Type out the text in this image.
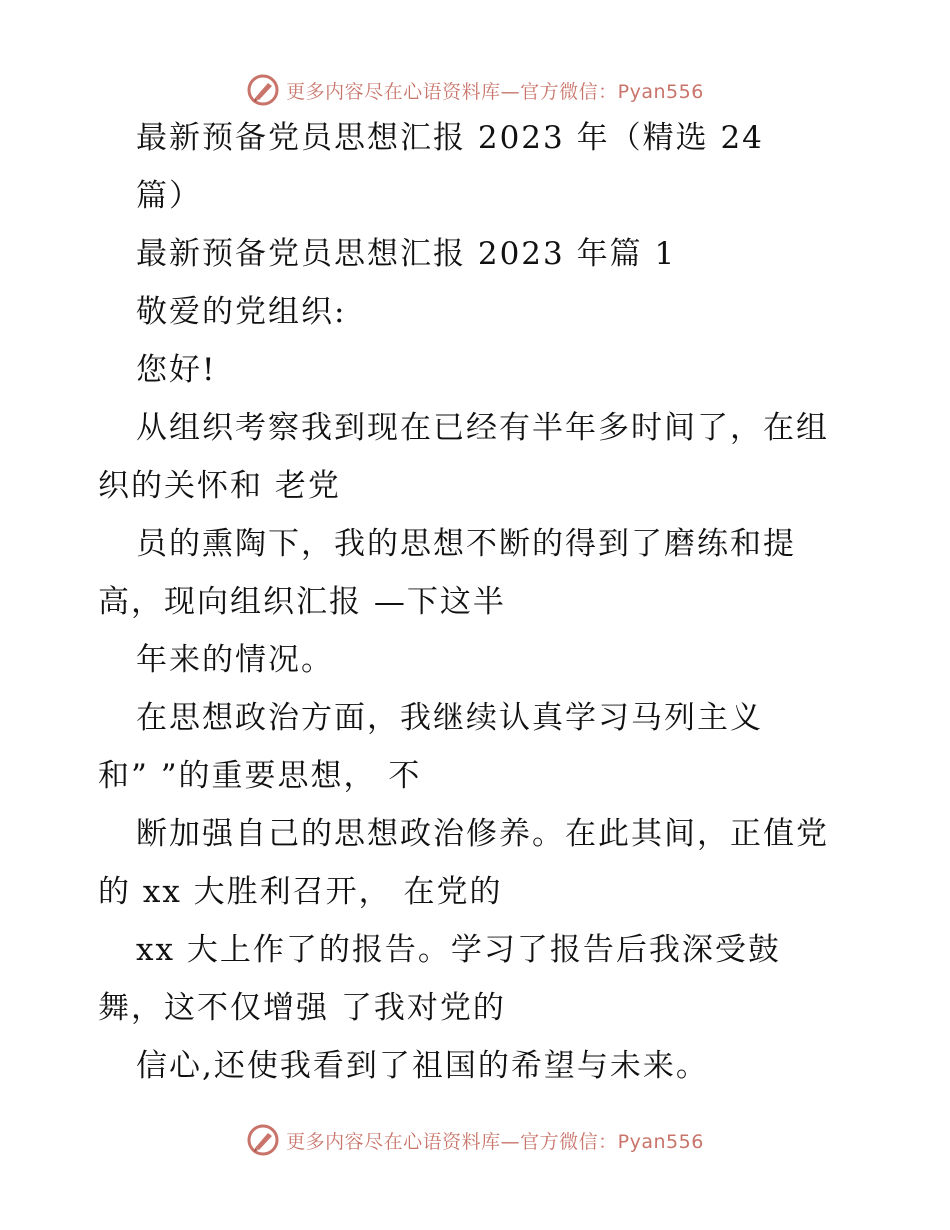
更多内容尽在心语资料库—官方微信：Pyan556
最新预备党员思想汇报 2023 年（精选 24
篇）
最新预备党员思想汇报 2023 年篇 1
敬爱的党组织:
您好!
从组织考察我到现在已经有半年多时间了，在组
织的关怀和 老党
员的熏陶下，我的思想不断的得到了磨练和提
高，现向组织汇报 —下这半
年来的情况。
在思想政治方面，我继续认真学习马列主义
和” ”的重要思想， 不
断加强自己的思想政治修养。在此其间，正值党
的 xx 大胜利召开， 在党的
xx 大上作了的报告。学习了报告后我深受鼓
舞，这不仅增强 了我对党的
信心,还使我看到了祖国的希望与未来。
更多内容尽在心语资料库—官方微信：Pyan556
